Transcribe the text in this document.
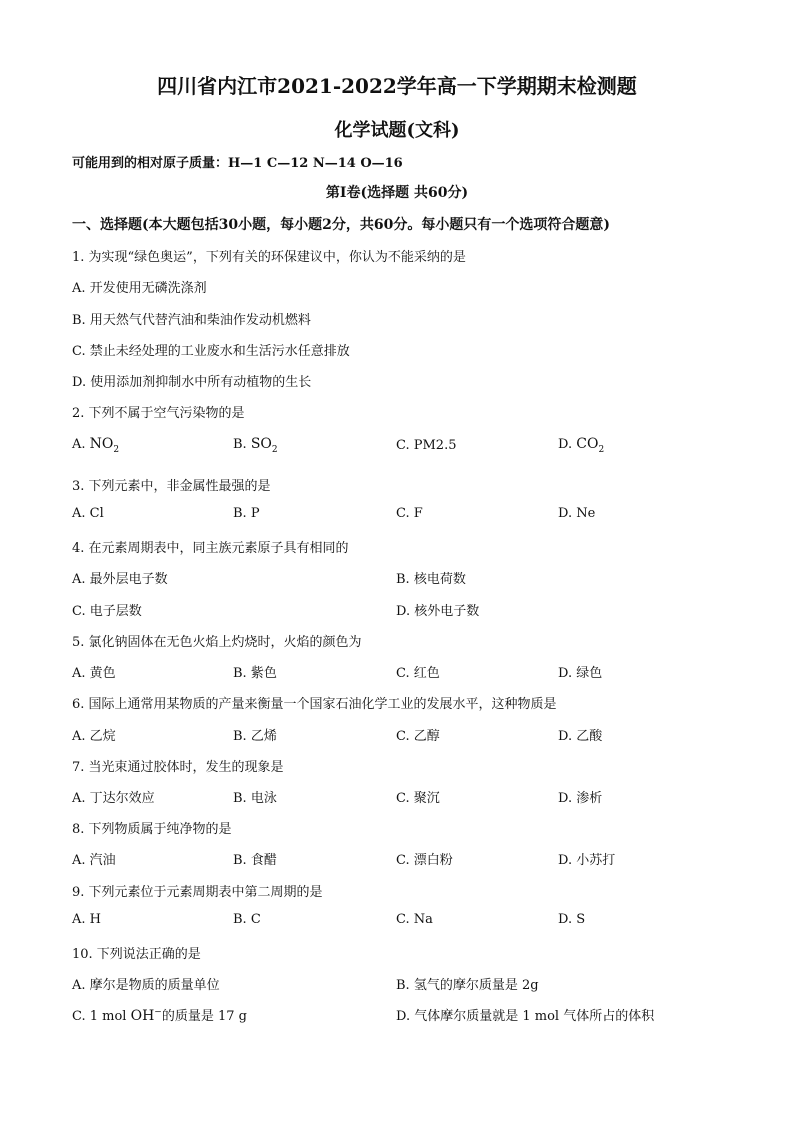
四川省内江市2021-2022学年高一下学期期末检测题
化学试题(文科)
可能用到的相对原子质量：H—1 C—12 N—14 O—16
第Ⅰ卷(选择题 共60分)
一、选择题(本大题包括30小题，每小题2分，共60分。每小题只有一个选项符合题意)
1. 为实现“绿色奥运”，下列有关的环保建议中，你认为不能采纳的是
A. 开发使用无磷洗涤剂
B. 用天然气代替汽油和柴油作发动机燃料
C. 禁止未经处理的工业废水和生活污水任意排放
D. 使用添加剂抑制水中所有动植物的生长
2. 下列不属于空气污染物的是
A. $NO_2$	B. $SO_2$	C. PM2.5	D. $CO_2$
3. 下列元素中，非金属性最强的是
A. Cl	B. P	C. F	D. Ne
4. 在元素周期表中，同主族元素原子具有相同的
A. 最外层电子数	B. 核电荷数
C. 电子层数	D. 核外电子数
5. 氯化钠固体在无色火焰上灼烧时，火焰的颜色为
A. 黄色	B. 紫色	C. 红色	D. 绿色
6. 国际上通常用某物质的产量来衡量一个国家石油化学工业的发展水平，这种物质是
A. 乙烷	B. 乙烯	C. 乙醇	D. 乙酸
7. 当光束通过胶体时，发生的现象是
A. 丁达尔效应	B. 电泳	C. 聚沉	D. 渗析
8. 下列物质属于纯净物的是
A. 汽油	B. 食醋	C. 漂白粉	D. 小苏打
9. 下列元素位于元素周期表中第二周期的是
A. H	B. C	C. Na	D. S
10. 下列说法正确的是
A. 摩尔是物质的质量单位	B. 氢气的摩尔质量是 2g
C. 1 mol OH−的质量是 17 g	D. 气体摩尔质量就是 1 mol 气体所占的体积
